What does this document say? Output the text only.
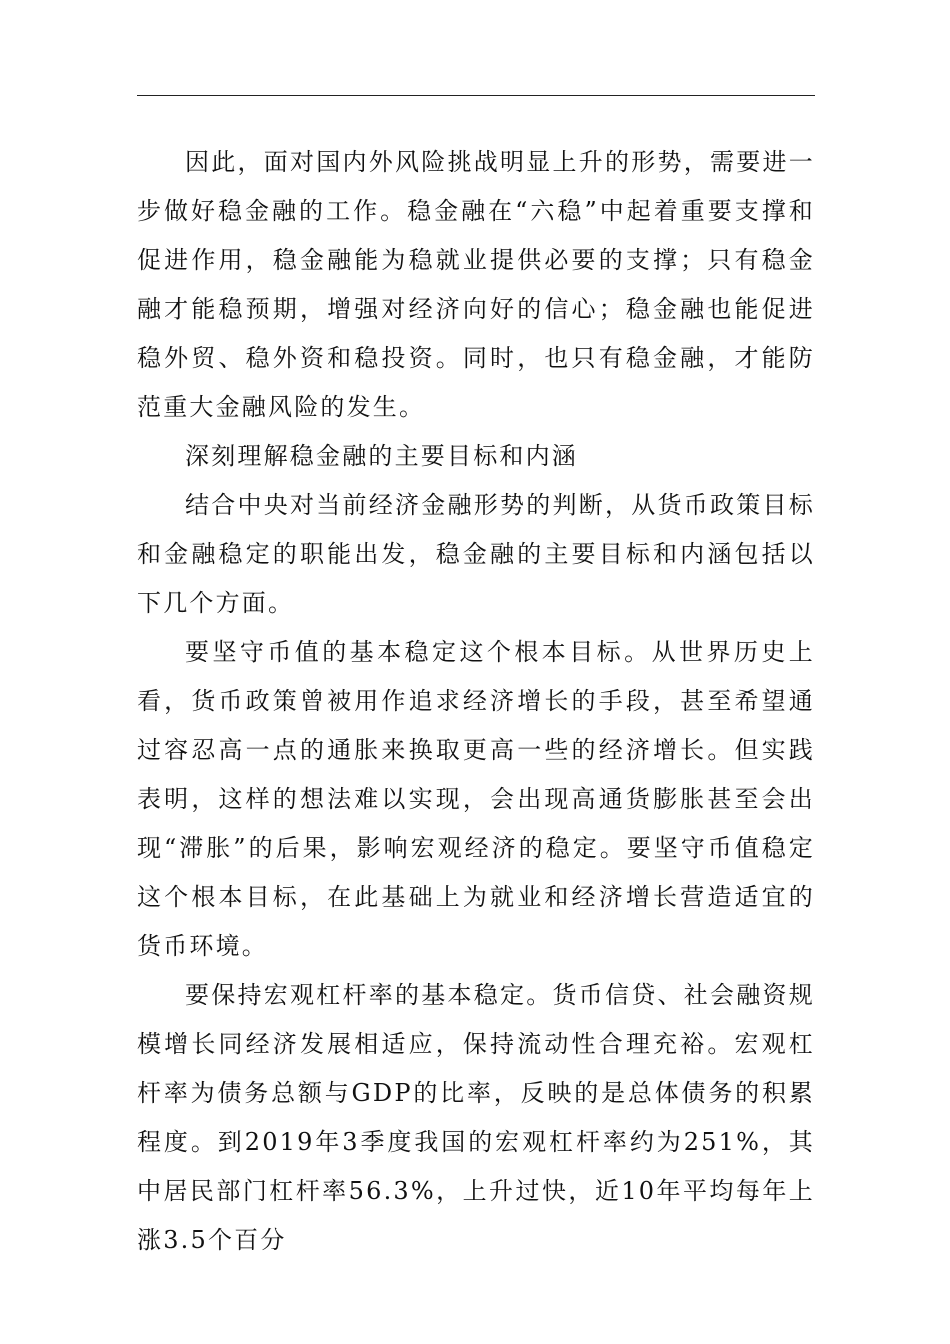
因此，面对国内外风险挑战明显上升的形势，需要进一步做好稳金融的工作。稳金融在“六稳”中起着重要支撑和促进作用，稳金融能为稳就业提供必要的支撑；只有稳金融才能稳预期，增强对经济向好的信心；稳金融也能促进稳外贸、稳外资和稳投资。同时，也只有稳金融，才能防范重大金融风险的发生。

深刻理解稳金融的主要目标和内涵

结合中央对当前经济金融形势的判断，从货币政策目标和金融稳定的职能出发，稳金融的主要目标和内涵包括以下几个方面。

要坚守币值的基本稳定这个根本目标。从世界历史上看，货币政策曾被用作追求经济增长的手段，甚至希望通过容忍高一点的通胀来换取更高一些的经济增长。但实践表明，这样的想法难以实现，会出现高通货膨胀甚至会出现“滞胀”的后果，影响宏观经济的稳定。要坚守币值稳定这个根本目标，在此基础上为就业和经济增长营造适宜的货币环境。

要保持宏观杠杆率的基本稳定。货币信贷、社会融资规模增长同经济发展相适应，保持流动性合理充裕。宏观杠杆率为债务总额与GDP的比率，反映的是总体债务的积累程度。到2019年3季度我国的宏观杠杆率约为251%，其中居民部门杠杆率56.3%，上升过快，近10年平均每年上涨3.5个百分
